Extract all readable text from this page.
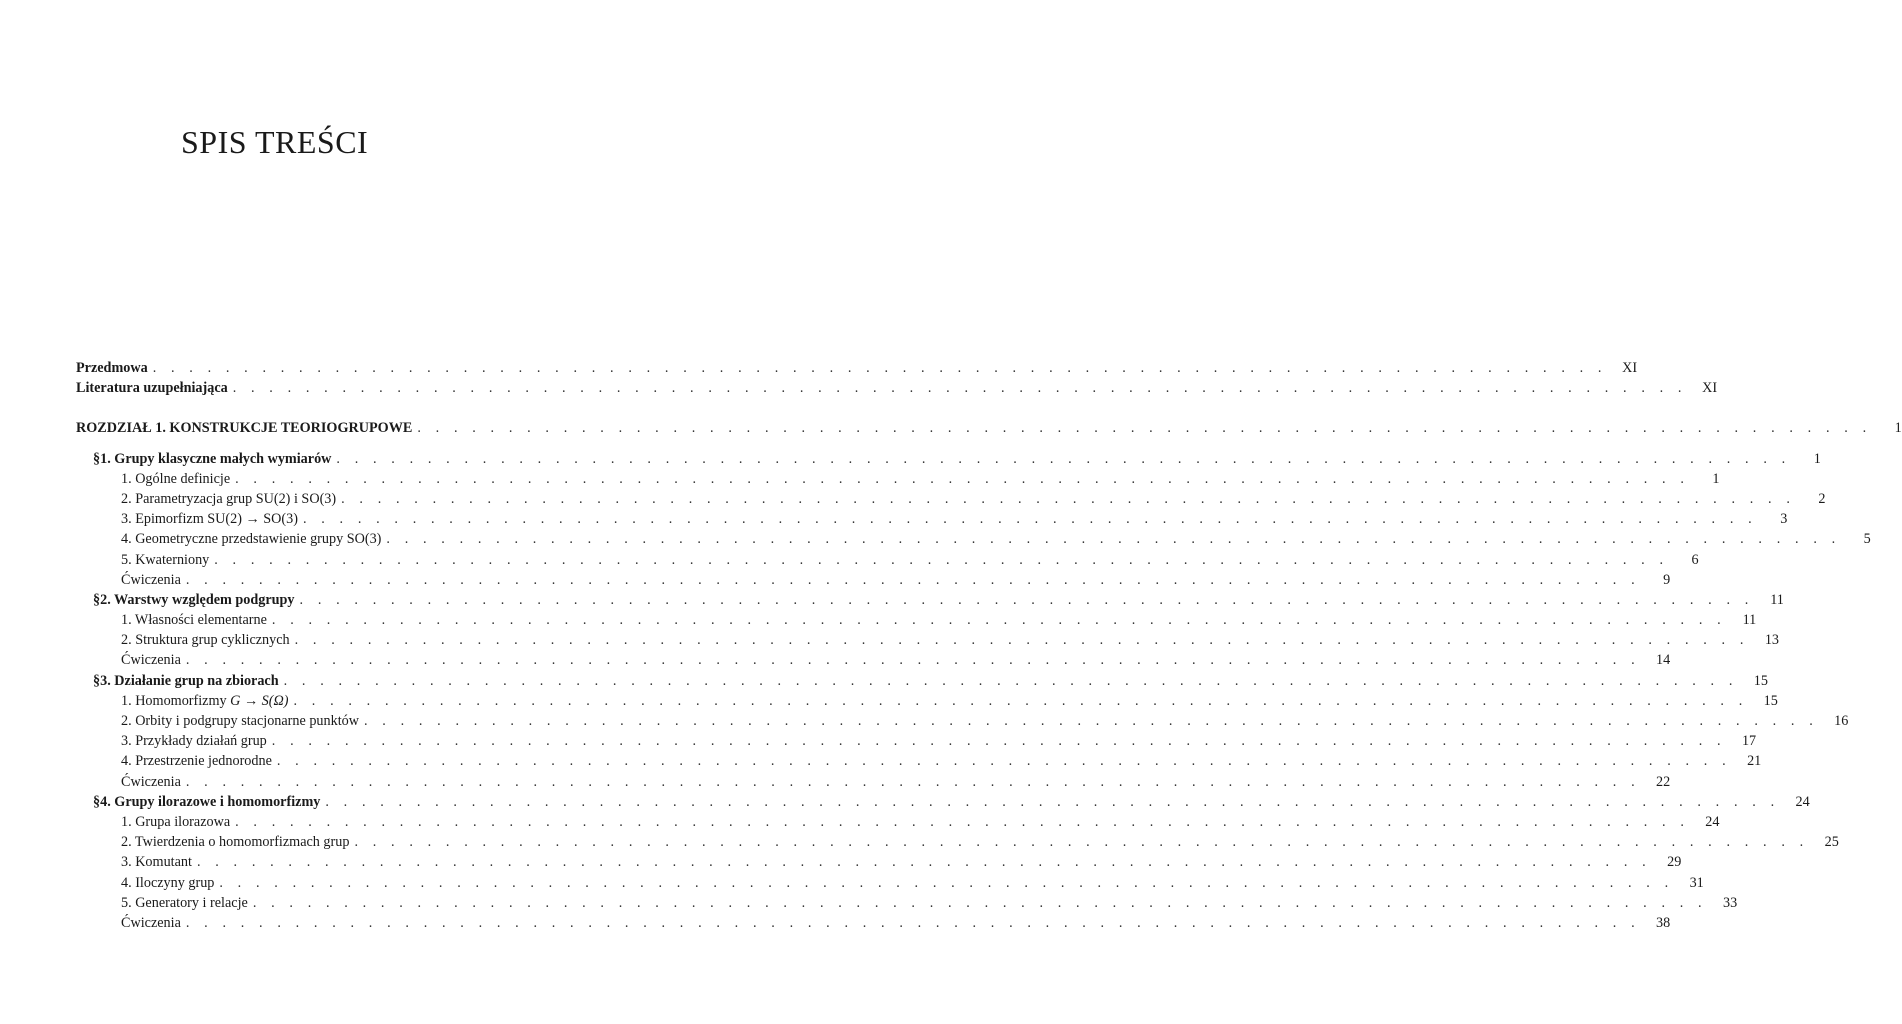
SPIS TREŚCI
Przedmowa . . . . . . . . . . . . . . . . . . . . . . . . . . . . . . . . . . . . . . . . . . . . . . . . . . . . . . . . . . . . . . . . . . . . . . . . . . . . . . . .	XI
Literatura uzupełniająca . . . . . . . . . . . . . . . . . . . . . . . . . . . . . . . . . . . . . . . . . . . . . . . . . . . . . . . . . . . . . . . . . . . . . . . . . . . . . . . .	XI
ROZDZIAŁ 1. KONSTRUKCJE TEORIOGRUPOWE . . . . . . . . . . . . . . . . . . . . . . . . . . . . . . . . . . . . . . . . . . . . . . . . . . . . . . . . . . . . . . . . . . . . . . . . . . . . . . . .	1
§1. Grupy klasyczne małych wymiarów . . . . . . . . . . . . . . . . . . . . . . . . . . . . . . . . . . . . . . . . . . . . . . . . . . . . . . . . . . . . . . . . . . . . . . . . . . . . . . . .	1
1. Ogólne definicje . . . . . . . . . . . . . . . . . . . . . . . . . . . . . . . . . . . . . . . . . . . . . . . . . . . . . . . . . . . . . . . . . . . . . . . . . . . . . . . .	1
2. Parametryzacja grup SU(2) i SO(3) . . . . . . . . . . . . . . . . . . . . . . . . . . . . . . . . . . . . . . . . . . . . . . . . . . . . . . . . . . . . . . . . . . . . . . . . . . . . . . . .	2
3. Epimorfizm SU(2) → SO(3) . . . . . . . . . . . . . . . . . . . . . . . . . . . . . . . . . . . . . . . . . . . . . . . . . . . . . . . . . . . . . . . . . . . . . . . . . . . . . . . .	3
4. Geometryczne przedstawienie grupy SO(3) . . . . . . . . . . . . . . . . . . . . . . . . . . . . . . . . . . . . . . . . . . . . . . . . . . . . . . . . . . . . . . . . . . . . . . . . . . . . . . . .	5
5. Kwaterniony . . . . . . . . . . . . . . . . . . . . . . . . . . . . . . . . . . . . . . . . . . . . . . . . . . . . . . . . . . . . . . . . . . . . . . . . . . . . . . . .	6
Ćwiczenia . . . . . . . . . . . . . . . . . . . . . . . . . . . . . . . . . . . . . . . . . . . . . . . . . . . . . . . . . . . . . . . . . . . . . . . . . . . . . . . .	9
§2. Warstwy względem podgrupy . . . . . . . . . . . . . . . . . . . . . . . . . . . . . . . . . . . . . . . . . . . . . . . . . . . . . . . . . . . . . . . . . . . . . . . . . . . . . . . .	11
1. Własności elementarne . . . . . . . . . . . . . . . . . . . . . . . . . . . . . . . . . . . . . . . . . . . . . . . . . . . . . . . . . . . . . . . . . . . . . . . . . . . . . . . .	11
2. Struktura grup cyklicznych . . . . . . . . . . . . . . . . . . . . . . . . . . . . . . . . . . . . . . . . . . . . . . . . . . . . . . . . . . . . . . . . . . . . . . . . . . . . . . . .	13
Ćwiczenia . . . . . . . . . . . . . . . . . . . . . . . . . . . . . . . . . . . . . . . . . . . . . . . . . . . . . . . . . . . . . . . . . . . . . . . . . . . . . . . .	14
§3. Działanie grup na zbiorach . . . . . . . . . . . . . . . . . . . . . . . . . . . . . . . . . . . . . . . . . . . . . . . . . . . . . . . . . . . . . . . . . . . . . . . . . . . . . . . .	15
1. Homomorfizmy G → S(Ω) . . . . . . . . . . . . . . . . . . . . . . . . . . . . . . . . . . . . . . . . . . . . . . . . . . . . . . . . . . . . . . . . . . . . . . . . . . . . . . . .	15
2. Orbity i podgrupy stacjonarne punktów . . . . . . . . . . . . . . . . . . . . . . . . . . . . . . . . . . . . . . . . . . . . . . . . . . . . . . . . . . . . . . . . . . . . . . . . . . . . . . . .	16
3. Przykłady działań grup . . . . . . . . . . . . . . . . . . . . . . . . . . . . . . . . . . . . . . . . . . . . . . . . . . . . . . . . . . . . . . . . . . . . . . . . . . . . . . . .	17
4. Przestrzenie jednorodne . . . . . . . . . . . . . . . . . . . . . . . . . . . . . . . . . . . . . . . . . . . . . . . . . . . . . . . . . . . . . . . . . . . . . . . . . . . . . . . .	21
Ćwiczenia . . . . . . . . . . . . . . . . . . . . . . . . . . . . . . . . . . . . . . . . . . . . . . . . . . . . . . . . . . . . . . . . . . . . . . . . . . . . . . . .	22
§4. Grupy ilorazowe i homomorfizmy . . . . . . . . . . . . . . . . . . . . . . . . . . . . . . . . . . . . . . . . . . . . . . . . . . . . . . . . . . . . . . . . . . . . . . . . . . . . . . . .	24
1. Grupa ilorazowa . . . . . . . . . . . . . . . . . . . . . . . . . . . . . . . . . . . . . . . . . . . . . . . . . . . . . . . . . . . . . . . . . . . . . . . . . . . . . . . .	24
2. Twierdzenia o homomorfizmach grup . . . . . . . . . . . . . . . . . . . . . . . . . . . . . . . . . . . . . . . . . . . . . . . . . . . . . . . . . . . . . . . . . . . . . . . . . . . . . . . .	25
3. Komutant . . . . . . . . . . . . . . . . . . . . . . . . . . . . . . . . . . . . . . . . . . . . . . . . . . . . . . . . . . . . . . . . . . . . . . . . . . . . . . . .	29
4. Iloczyny grup . . . . . . . . . . . . . . . . . . . . . . . . . . . . . . . . . . . . . . . . . . . . . . . . . . . . . . . . . . . . . . . . . . . . . . . . . . . . . . . .	31
5. Generatory i relacje . . . . . . . . . . . . . . . . . . . . . . . . . . . . . . . . . . . . . . . . . . . . . . . . . . . . . . . . . . . . . . . . . . . . . . . . . . . . . . . .	33
Ćwiczenia . . . . . . . . . . . . . . . . . . . . . . . . . . . . . . . . . . . . . . . . . . . . . . . . . . . . . . . . . . . . . . . . . . . . . . . . . . . . . . . .	38
